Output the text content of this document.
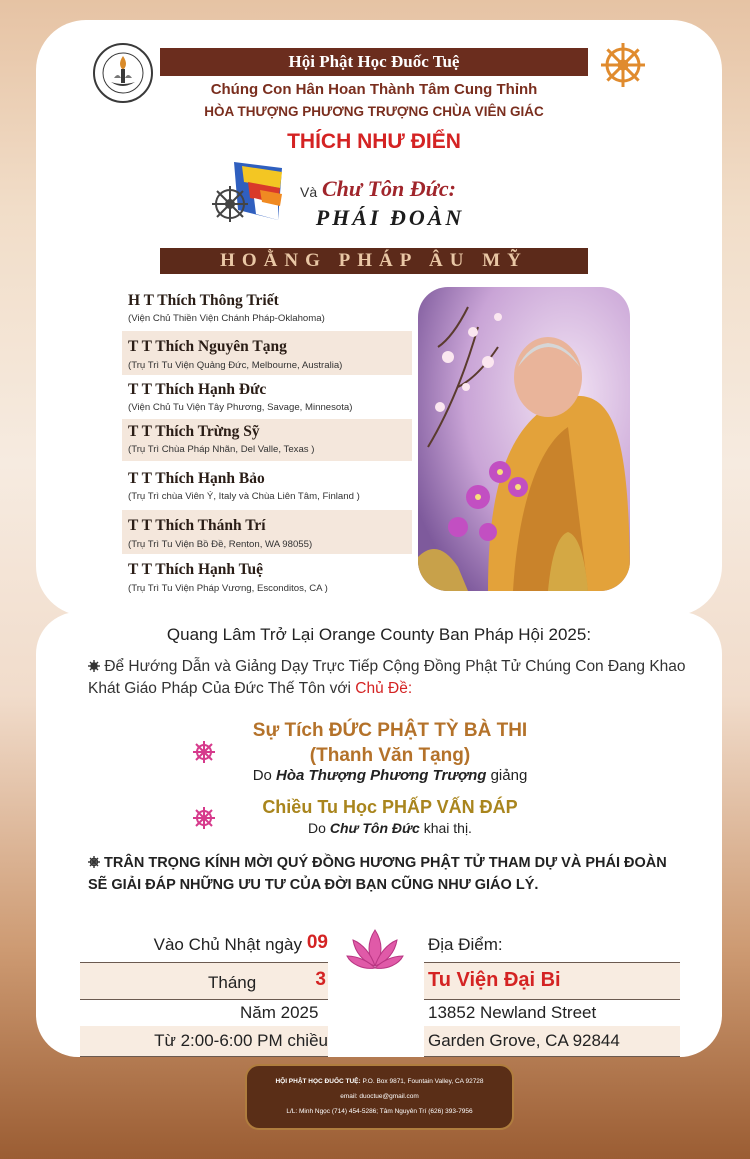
Hội Phật Học Đuốc Tuệ
Chúng Con Hân Hoan Thành Tâm Cung Thỉnh
HÒA THƯỢNG PHƯƠNG TRƯỢNG CHÙA VIÊN GIÁC
THÍCH NHƯ ĐIỂN
Và Chư Tôn Đức:
PHÁI ĐOÀN
HOẰNG PHÁP ÂU MỸ
H T Thích Thông Triết
(Viện Chủ Thiền Viện Chánh Pháp-Oklahoma)
T T Thích Nguyên Tạng
(Trụ Trì Tu Viện Quảng Đức, Melbourne, Australia)
T T Thích Hạnh Đức
(Viện Chủ Tu Viện Tây Phương, Savage, Minnesota)
T T Thích Trừng Sỹ
(Trụ Trì Chùa Pháp Nhãn, Del Valle, Texas )
T T Thích Hạnh Bảo
(Trụ Trì chùa Viên Ý, Italy và Chùa Liên Tâm, Finland )
T T Thích Thánh Trí
(Trụ Trì Tu Viện Bồ Đề, Renton, WA 98055)
T T Thích Hạnh Tuệ
(Trụ Trì Tu Viện Pháp Vương, Esconditos, CA )
Quang Lâm Trở Lại Orange County Ban Pháp Hội 2025:
Để Hướng Dẫn và Giảng Dạy Trực Tiếp Cộng Đồng Phật Tử Chúng Con Đang Khao Khát Giáo Pháp Của Đức Thế Tôn với Chủ Đề:
Sự Tích ĐỨC PHẬT TỲ BÀ THI
(Thanh Văn Tạng)
Do Hòa Thượng Phương Trượng giảng
Chiều Tu Học PHẤP VẤN ĐÁP
Do Chư Tôn Đức khai thị.
TRÂN TRỌNG KÍNH MỜI QUÝ ĐỒNG HƯƠNG PHẬT TỬ THAM DỰ VÀ PHÁI ĐOÀN SẼ GIẢI ĐÁP NHỮNG ƯU TƯ CỦA ĐỜI BẠN CŨNG NHƯ GIÁO LÝ.
Vào Chủ Nhật ngày 09
Tháng	3
Năm 2025
Từ 2:00-6:00 PM chiều
Địa Điểm:
Tu Viện Đại Bi
13852 Newland Street
Garden Grove, CA 92844
HỘI PHẬT HỌC ĐUỐC TUỆ: P.O. Box 9871, Fountain Valley, CA 92728
email: duoctue@gmail.com
L/L: Minh Ngọc (714) 454-5286; Tâm Nguyên Trí (626) 393-7956
